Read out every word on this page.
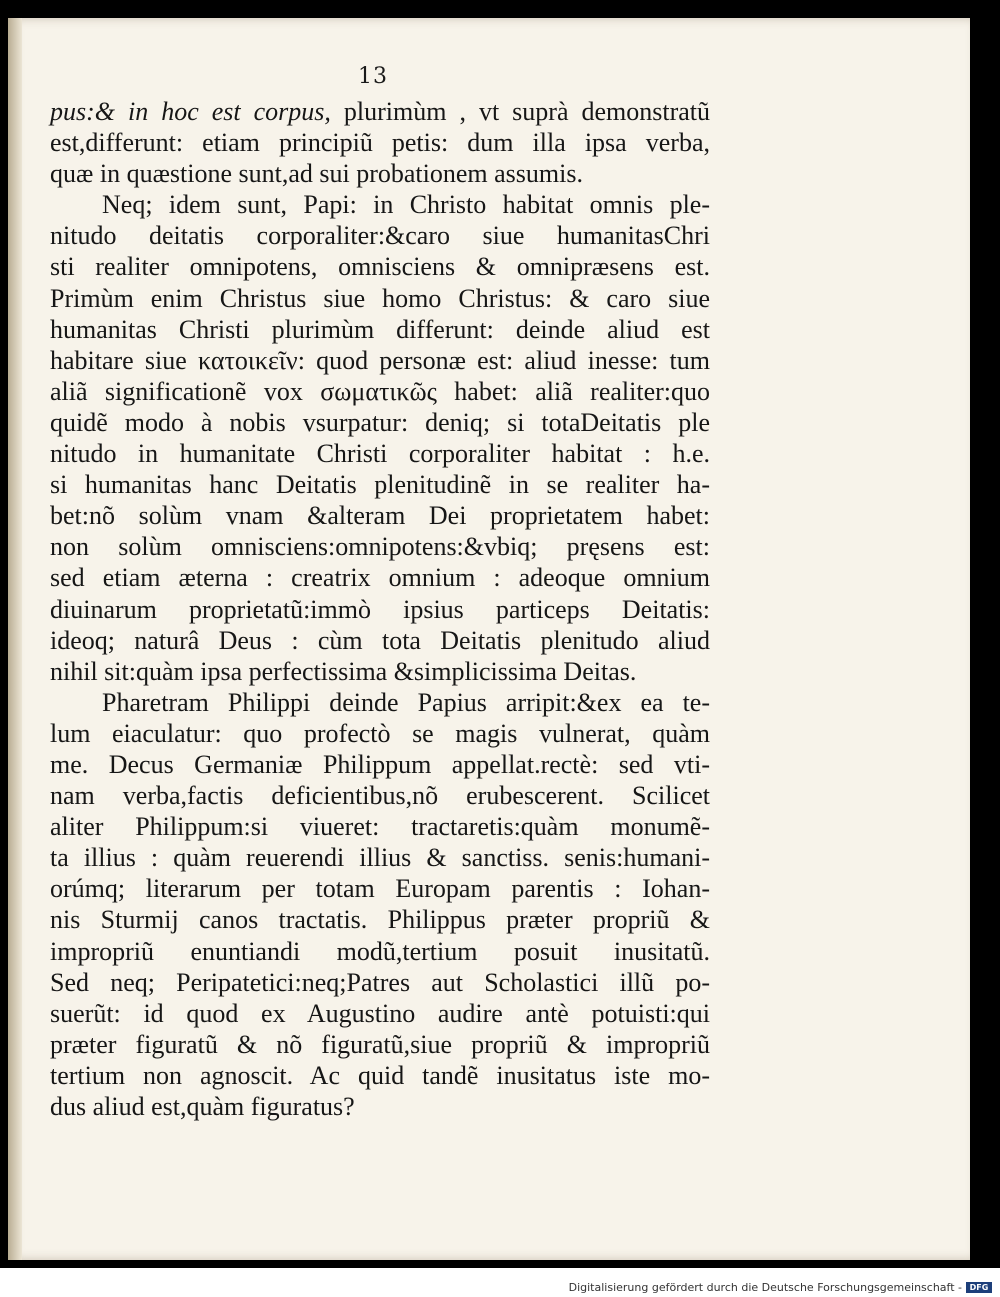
13
pus:& in hoc est corpus, plurimùm , vt suprà demonstratũ
est,differunt: etiam principiũ petis: dum illa ipsa verba,
quæ in quæstione sunt,ad sui probationem assumis.
Neq; idem sunt, Papi: in Christo habitat omnis ple-
nitudo deitatis corporaliter:&caro siue humanitasChri
sti realiter omnipotens, omnisciens & omnipræsens est.
Primùm enim Christus siue homo Christus: & caro siue
humanitas Christi plurimùm differunt: deinde aliud est
habitare siue κατοικεῖν: quod personæ est: aliud inesse: tum
aliã significationẽ vox σωματικῶς habet: aliã realiter:quo
quidẽ modo à nobis vsurpatur: deniq; si totaDeitatis ple
nitudo in humanitate Christi corporaliter habitat : h.e.
si humanitas hanc Deitatis plenitudinẽ in se realiter ha-
bet:nõ solùm vnam &alteram Dei proprietatem habet:
non solùm omnisciens:omnipotens:&vbiq; pręsens est:
sed etiam æterna : creatrix omnium : adeoque omnium
diuinarum proprietatũ:immò ipsius particeps Deitatis:
ideoq; naturâ Deus : cùm tota Deitatis plenitudo aliud
nihil sit:quàm ipsa perfectissima &simplicissima Deitas.
Pharetram Philippi deinde Papius arripit:&ex ea te-
lum eiaculatur: quo profectò se magis vulnerat, quàm
me. Decus Germaniæ Philippum appellat.rectè: sed vti-
nam verba,factis deficientibus,nõ erubescerent. Scilicet
aliter Philippum:si viueret: tractaretis:quàm monumẽ-
ta illius : quàm reuerendi illius & sanctiss. senis:humani-
orúmq; literarum per totam Europam parentis : Iohan-
nis Sturmij canos tractatis. Philippus præter propriũ &
impropriũ enuntiandi modũ,tertium posuit inusitatũ.
Sed neq; Peripatetici:neq;Patres aut Scholastici illũ po-
suerũt: id quod ex Augustino audire antè potuisti:qui
præter figuratũ & nõ figuratũ,siue propriũ & impropriũ
tertium non agnoscit. Ac quid tandẽ inusitatus iste mo-
dus aliud est,quàm figuratus?
Digitalisierung gefördert durch die Deutsche Forschungsgemeinschaft - DFG
